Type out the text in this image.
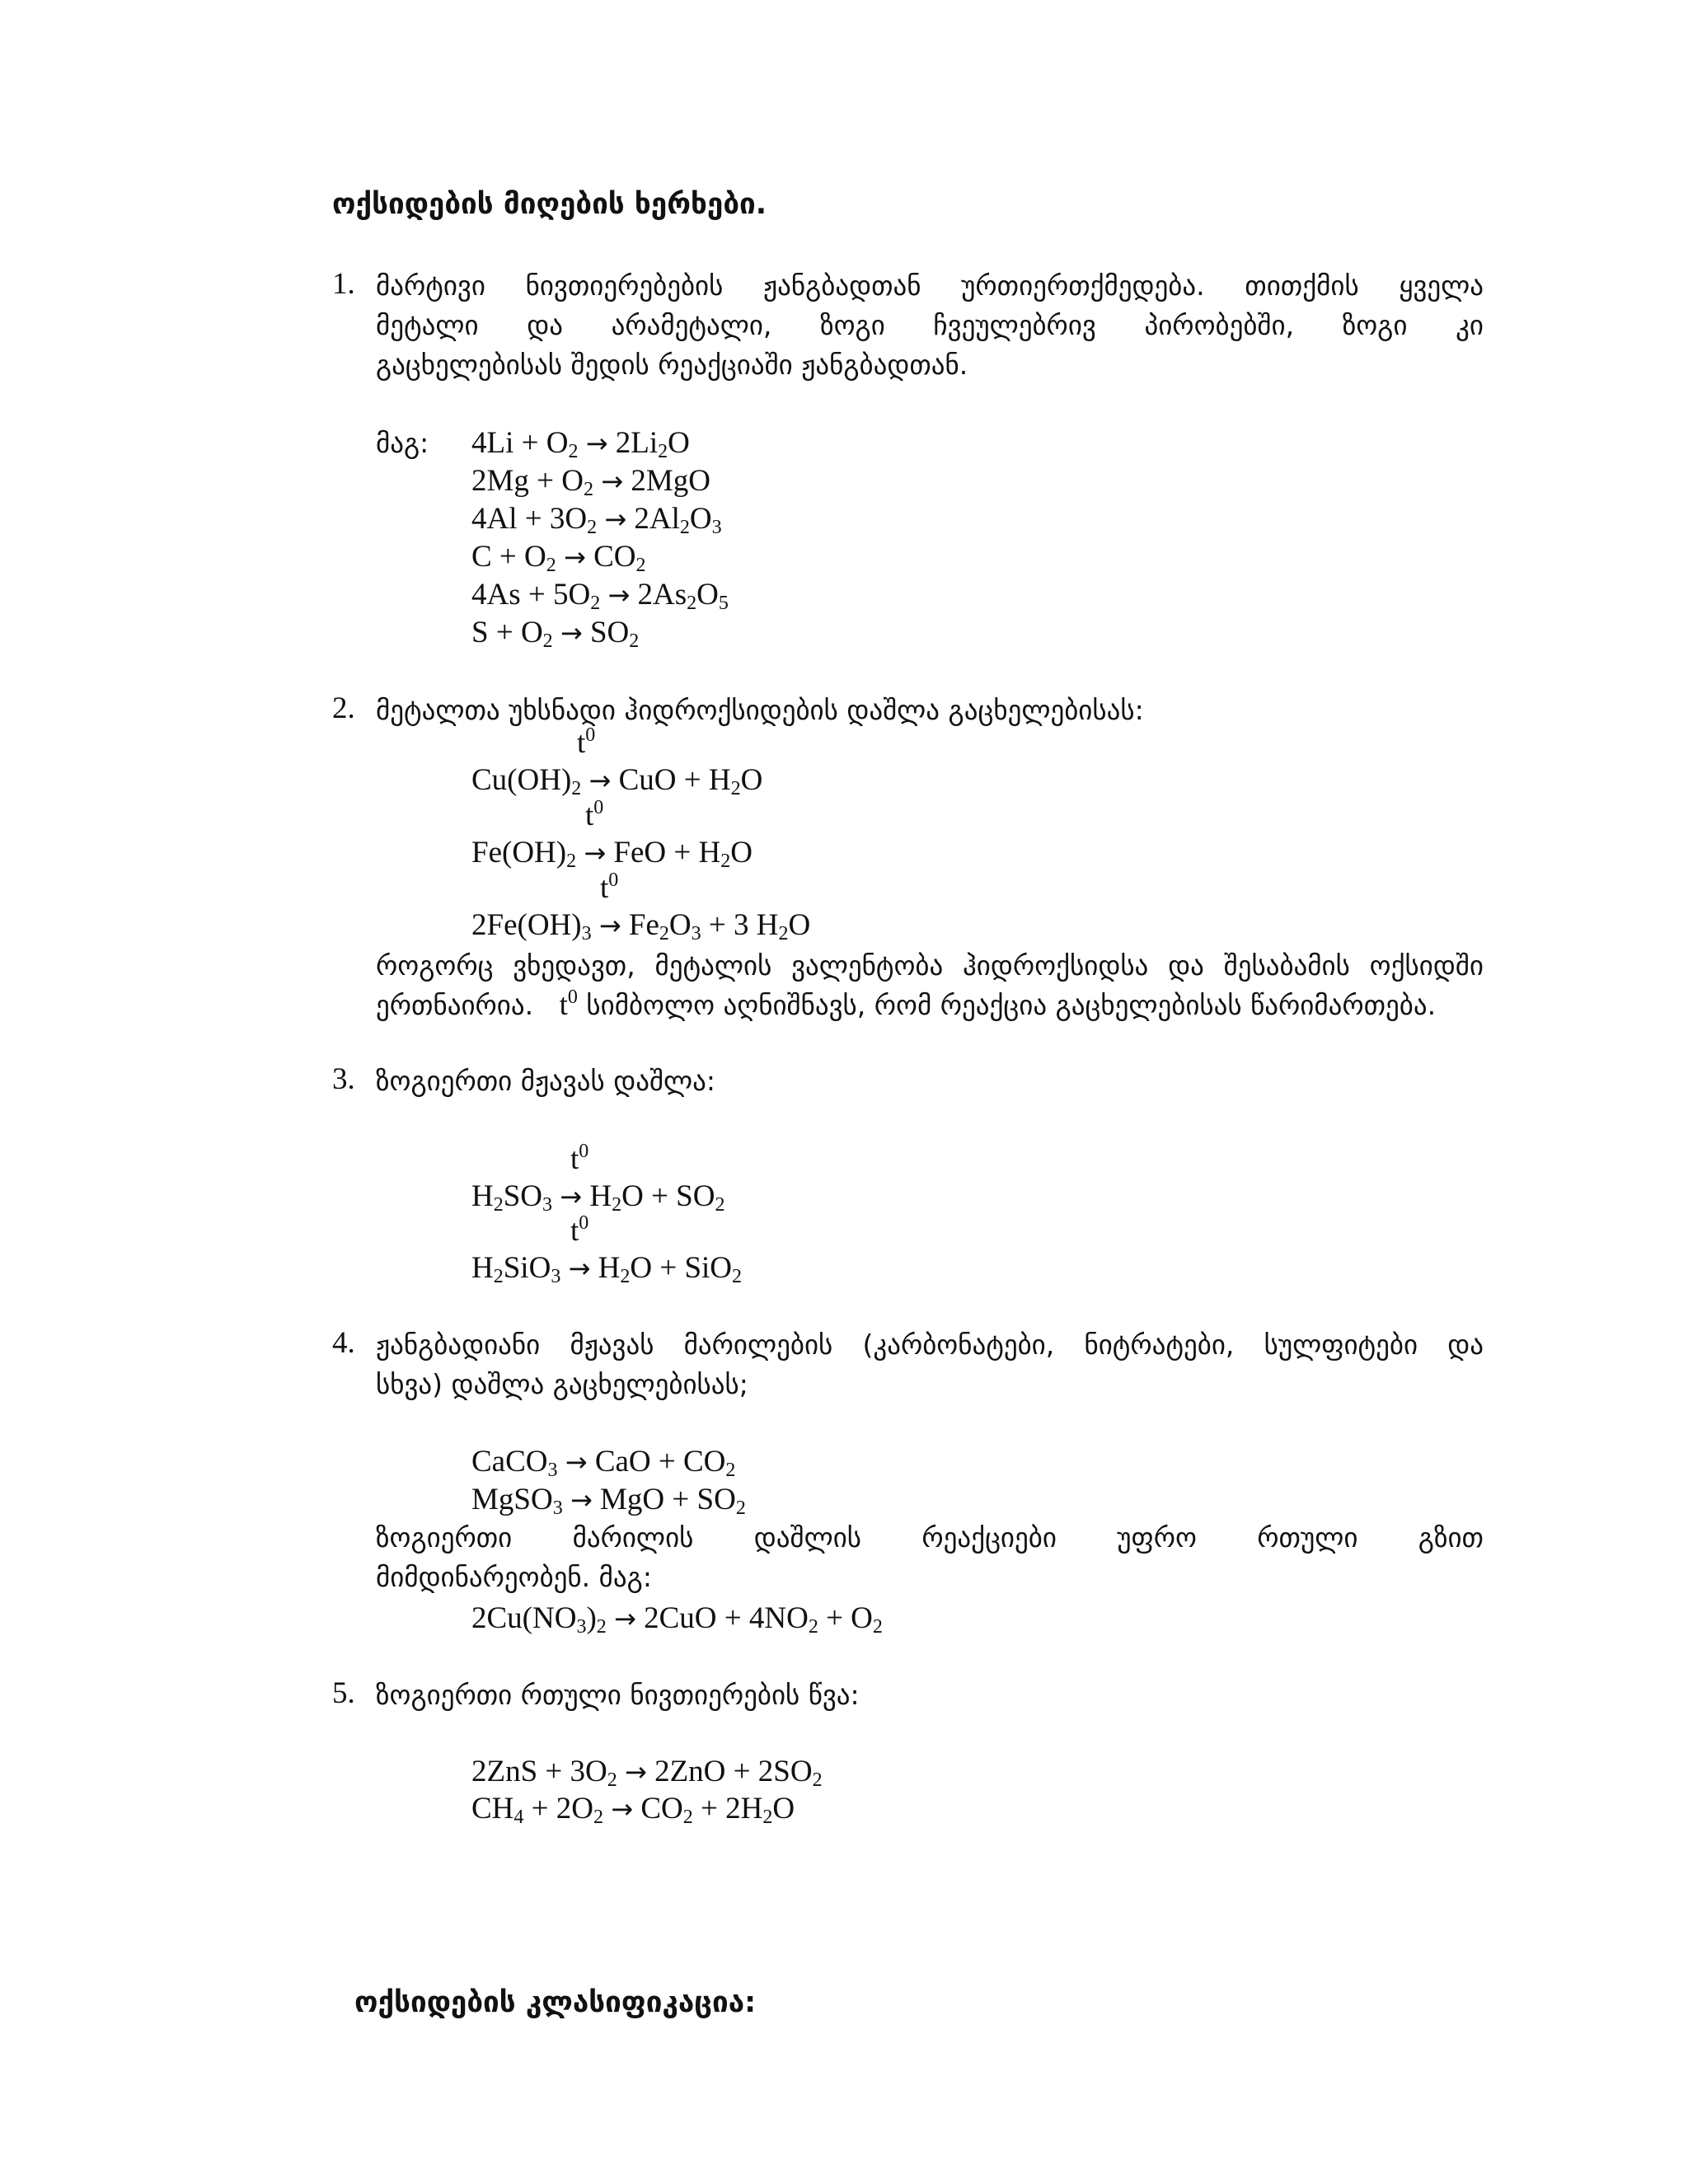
ოქსიდების მიღების ხერხები.
1. მარტივი ნივთიერებების ჟანგბადთან ურთიერთქმედება. თითქმის ყველა
მეტალი და არამეტალი, ზოგი ჩვეულებრივ პირობებში, ზოგი კი
გაცხელებისას შედის რეაქციაში ჟანგბადთან.
მაგ: $4Li + O_2 \to 2Li_2O$
$2Mg + O_2 \to 2MgO$
$4Al + 3O_2 \to 2Al_2O_3$
$C + O_2 \to CO_2$
$4As + 5O_2 \to 2As_2O_5$
$S + O_2 \to SO_2$
2. მეტალთა უხსნადი ჰიდროქსიდების დაშლა გაცხელებისას:
$t^0$
$Cu(OH)_2$ → CuO + $H_2O$
$t^0$
$Fe(OH)_2$ → FeO + $H_2O$
$t^0$
$2Fe(OH)_3 \to Fe_2O_3 + 3$ $H_2O$
როგორც ვხედავთ, მეტალის ვალენტობა ჰიდროქსიდსა და შესაბამის ოქსიდში
ერთნაირია. $t^0$ სიმბოლო აღნიშნავს, რომ რეაქცია გაცხელებისას წარიმართება.
3. ზოგიერთი მჟავას დაშლა:
$t^0$
$H_2SO_3 \to H_2O + SO_2$
$t^0$
$H_2SiO_3 \to H_2O + SiO_2$
4. ჟანგბადიანი მჟავას მარილების (კარბონატები, ნიტრატები, სულფიტები და
სხვა) დაშლა გაცხელებისას;
CaCO$_3$ → CaO + $CO_2$
MgSO$_3$ → MgO + $SO_2$
ზოგიერთი მარილის დაშლის რეაქციები უფრო რთული გზით
მიმდინარეობენ. მაგ:
$2Cu(NO_3)_2 \to 2CuO + 4NO_2 + O_2$
5. ზოგიერთი რთული ნივთიერების წვა:
$2ZnS + 3O_2 \to 2ZnO + 2SO_2$
$CH_4 + 2O_2 \to CO_2 + 2H_2O$
ოქსიდების კლასიფიკაცია:
